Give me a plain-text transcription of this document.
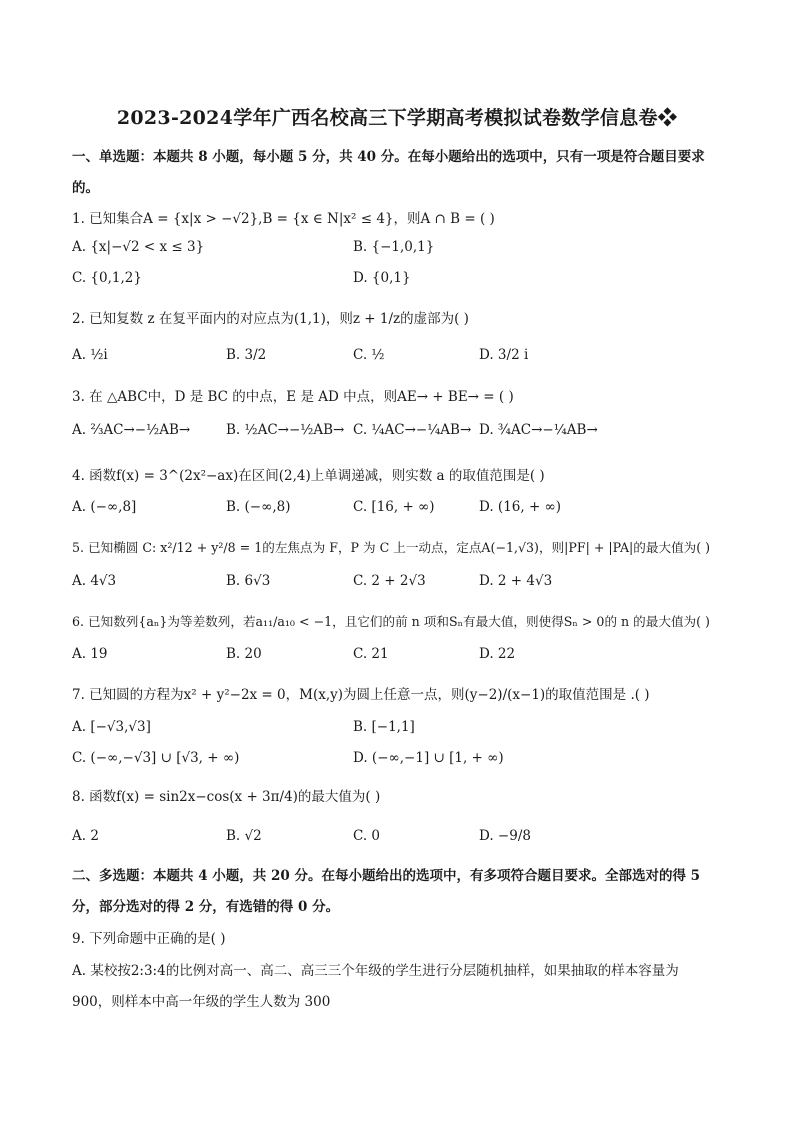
2023-2024学年广西名校高三下学期高考模拟试卷数学信息卷❖
一、单选题：本题共 8 小题，每小题 5 分，共 40 分。在每小题给出的选项中，只有一项是符合题目要求
的。
1. 已知集合A = {x|x > −√2},B = {x ∈ N|x² ≤ 4}，则A ∩ B = ( )
A. {x|−√2 < x ≤ 3}	B. {−1,0,1}
C. {0,1,2}	D. {0,1}
2. 已知复数 z 在复平面内的对应点为(1,1)，则z + 1/z的虚部为( )
A. ½i	B. 3/2	C. ½	D. 3/2 i
3. 在 △ABC中，D 是 BC 的中点，E 是 AD 中点，则AE→ + BE→ = ( )
A. ⅔AC→−½AB→	B. ½AC→−½AB→ C. ¼AC→−¼AB→ D. ¾AC→−¼AB→
4. 函数f(x) = 3^(2x²−ax)在区间(2,4)上单调递减，则实数 a 的取值范围是( )
A. (−∞,8]	B. (−∞,8)	C. [16, + ∞)	D. (16, + ∞)
5. 已知椭圆 C: x²/12 + y²/8 = 1的左焦点为 F，P 为 C 上一动点，定点A(−1,√3)，则|PF| + |PA|的最大值为( )
A. 4√3	B. 6√3	C. 2 + 2√3	D. 2 + 4√3
6. 已知数列{aₙ}为等差数列，若a₁₁/a₁₀ < −1，且它们的前 n 项和Sₙ有最大值，则使得Sₙ > 0的 n 的最大值为( )
A. 19	B. 20	C. 21	D. 22
7. 已知圆的方程为x² + y²−2x = 0，M(x,y)为圆上任意一点，则(y−2)/(x−1)的取值范围是 .( )
A. [−√3,√3]	B. [−1,1]
C. (−∞,−√3] ∪ [√3, + ∞)	D. (−∞,−1] ∪ [1, + ∞)
8. 函数f(x) = sin2x−cos(x + 3π/4)的最大值为( )
A. 2	B. √2	C. 0	D. −9/8
二、多选题：本题共 4 小题，共 20 分。在每小题给出的选项中，有多项符合题目要求。全部选对的得 5
分，部分选对的得 2 分，有选错的得 0 分。
9. 下列命题中正确的是( )
A. 某校按2:3:4的比例对高一、高二、高三三个年级的学生进行分层随机抽样，如果抽取的样本容量为
900，则样本中高一年级的学生人数为 300
